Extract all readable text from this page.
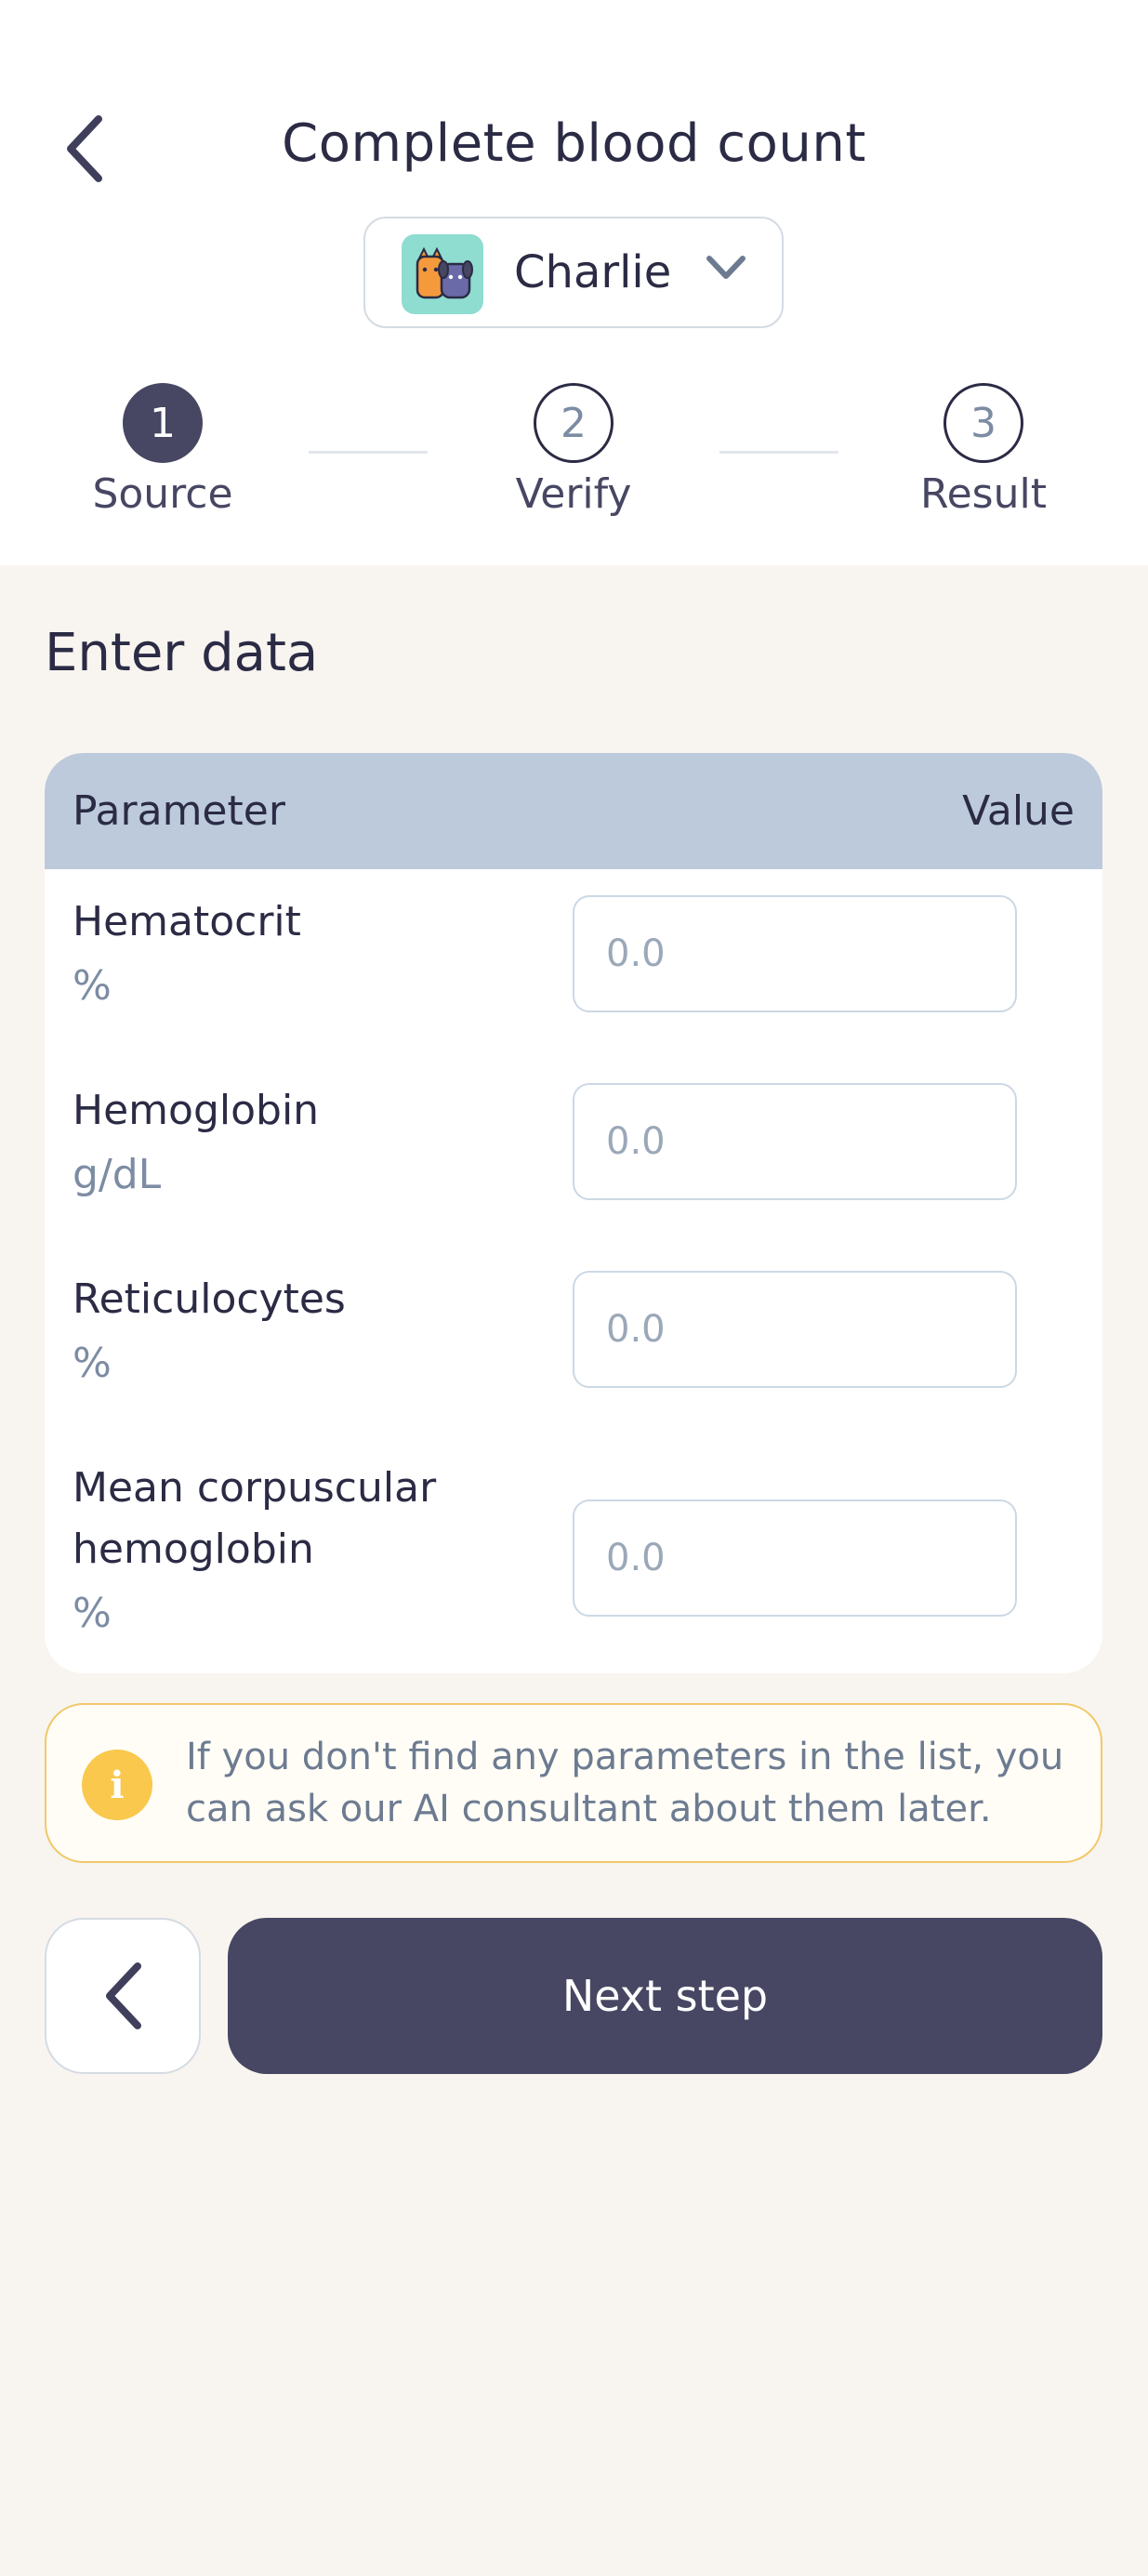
Complete blood count
Charlie
1
Source
2
Verify
3
Result
Enter data
Parameter	Value
Hematocrit
%
0.0
Hemoglobin
g/dL
0.0
Reticulocytes
%
0.0
Mean corpuscular hemoglobin
%
0.0
i
If you don't find any parameters in the list, you can ask our AI consultant about them later.
Next step
